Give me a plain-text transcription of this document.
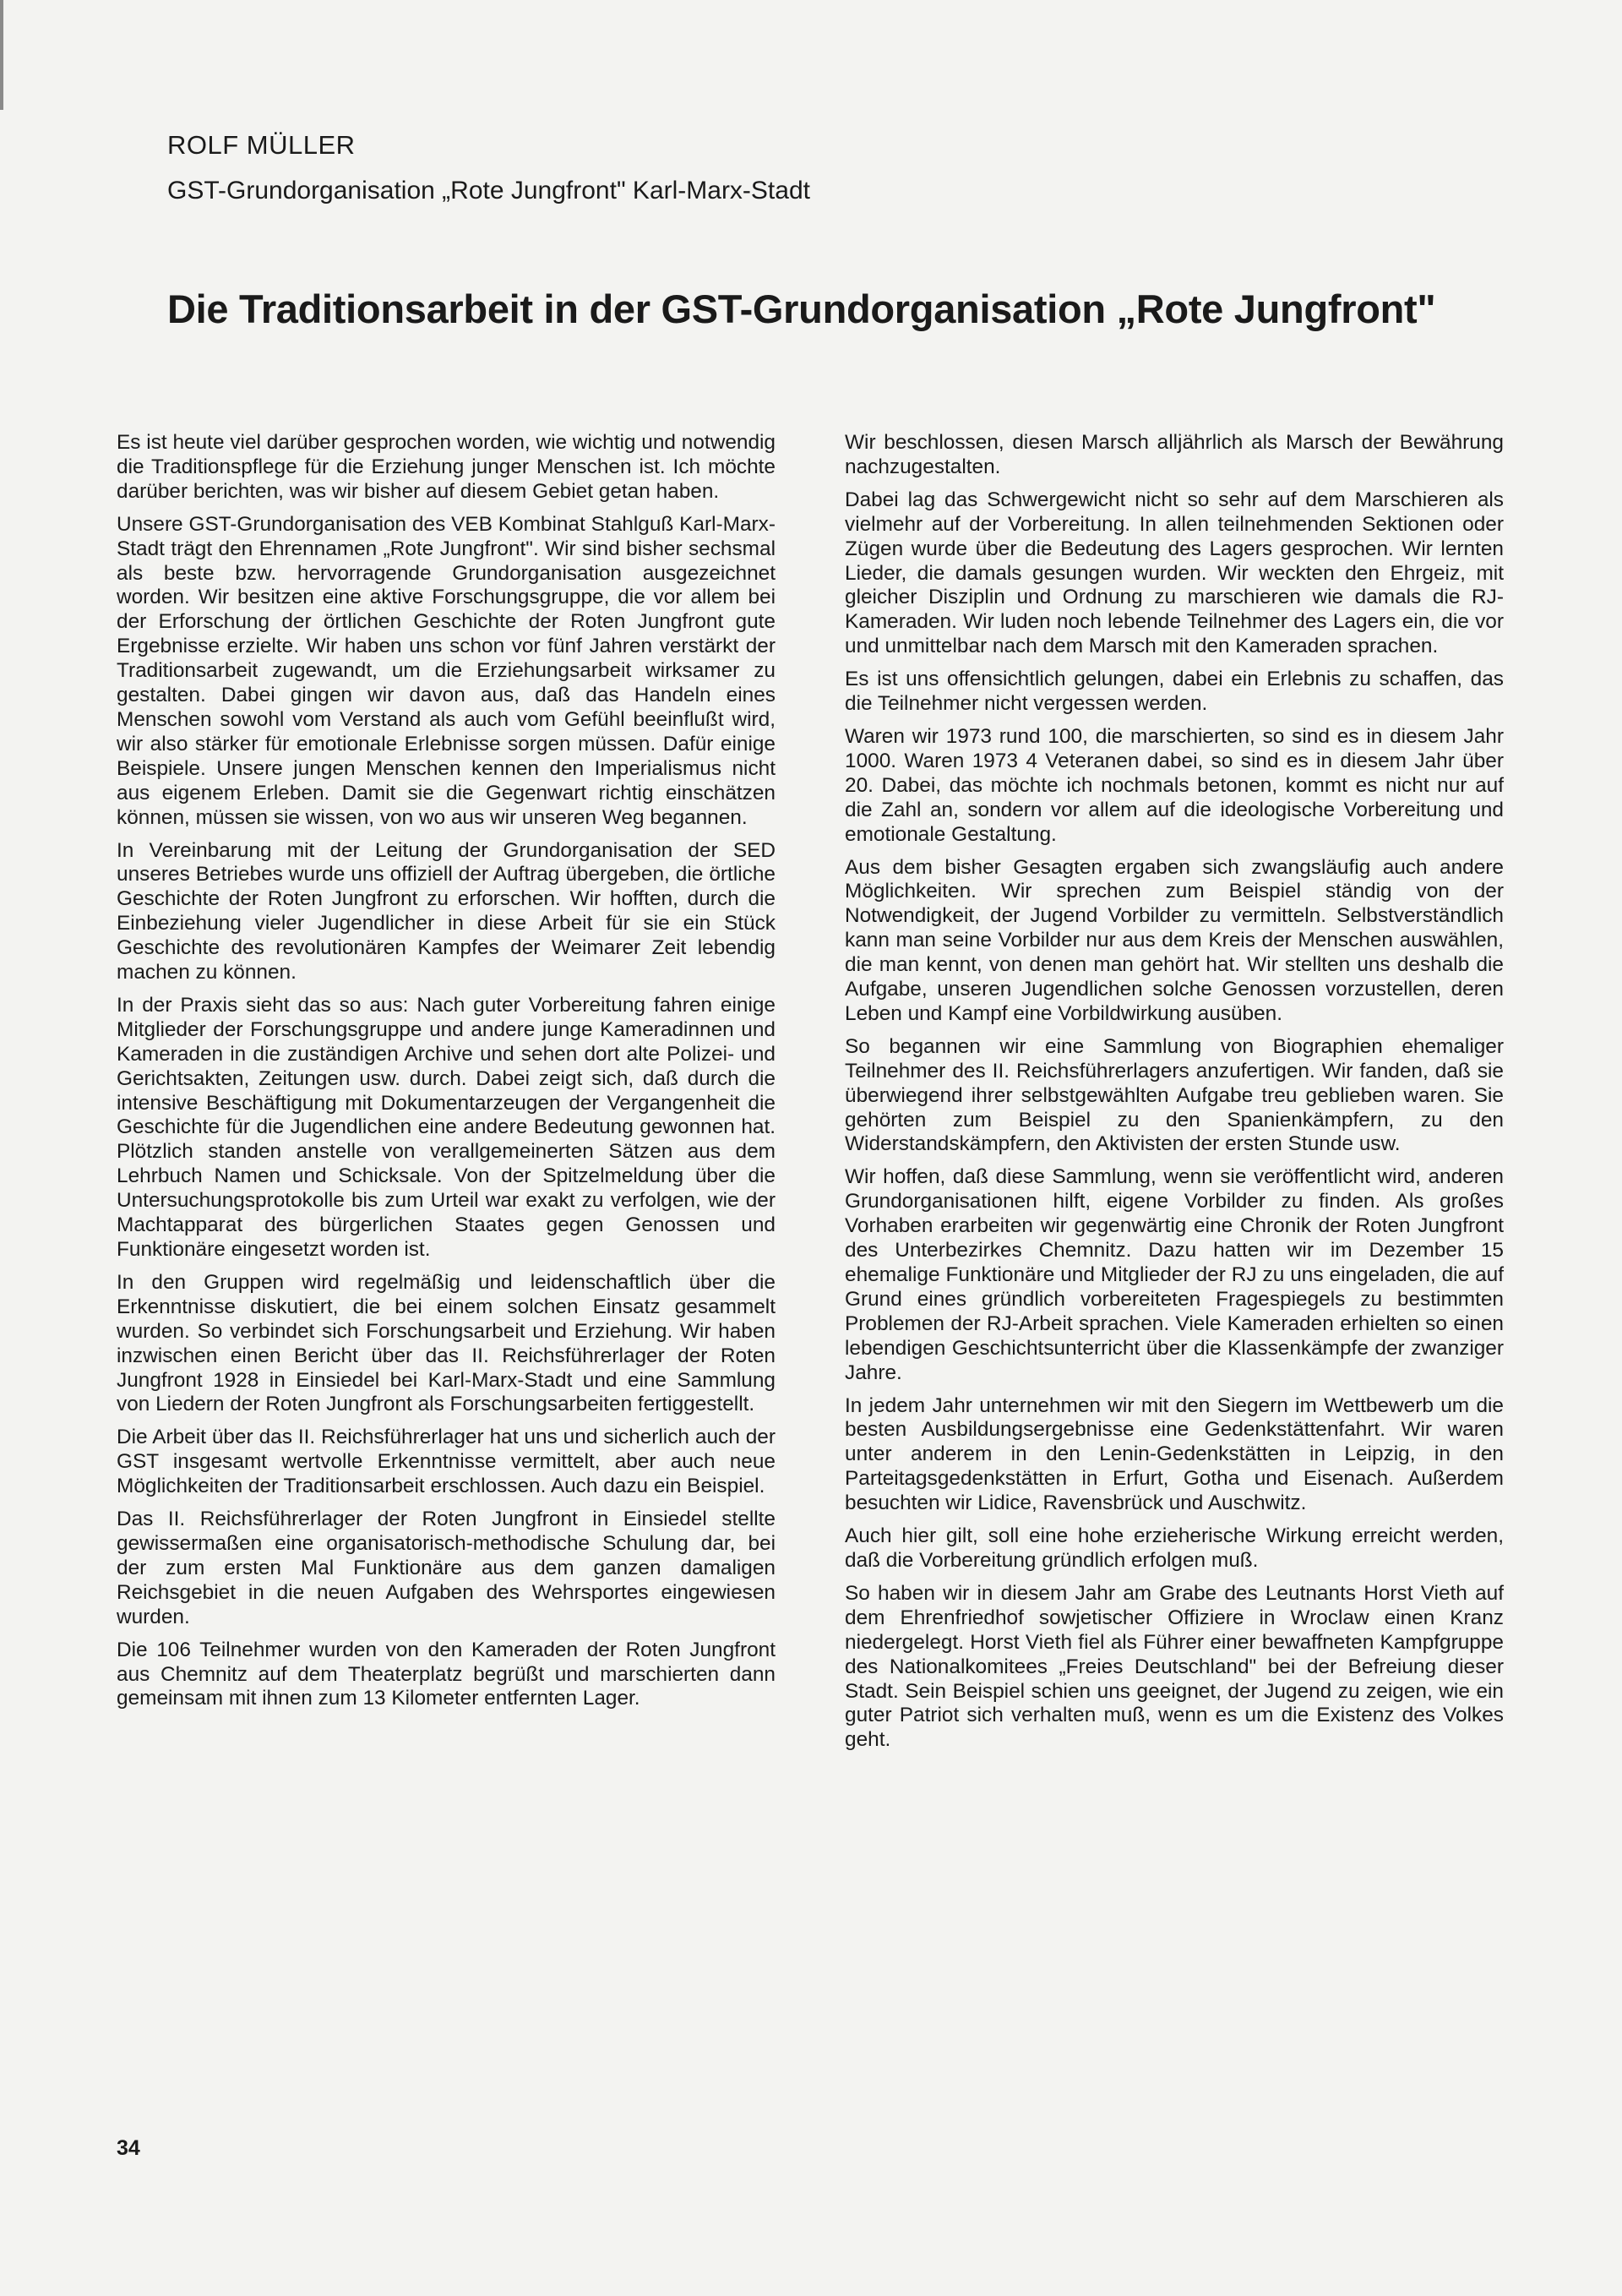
ROLF MÜLLER
GST-Grundorganisation „Rote Jungfront" Karl-Marx-Stadt
Die Traditionsarbeit in der GST-Grundorganisation „Rote Jungfront"

Es ist heute viel darüber gesprochen worden, wie wichtig und notwendig die Traditionspflege für die Erziehung junger Menschen ist. Ich möchte darüber berichten, was wir bisher auf diesem Gebiet getan haben.

Unsere GST-Grundorganisation des VEB Kombinat Stahlguß Karl-Marx-Stadt trägt den Ehrennamen „Rote Jungfront". Wir sind bisher sechsmal als beste bzw. hervorragende Grundorganisation ausgezeichnet worden. Wir besitzen eine aktive Forschungsgruppe, die vor allem bei der Erforschung der örtlichen Geschichte der Roten Jungfront gute Ergebnisse erzielte. Wir haben uns schon vor fünf Jahren verstärkt der Traditionsarbeit zugewandt, um die Erziehungsarbeit wirksamer zu gestalten. Dabei gingen wir davon aus, daß das Handeln eines Menschen sowohl vom Verstand als auch vom Gefühl beeinflußt wird, wir also stärker für emotionale Erlebnisse sorgen müssen. Dafür einige Beispiele. Unsere jungen Menschen kennen den Imperialismus nicht aus eigenem Erleben. Damit sie die Gegenwart richtig einschätzen können, müssen sie wissen, von wo aus wir unseren Weg begannen.

In Vereinbarung mit der Leitung der Grundorganisation der SED unseres Betriebes wurde uns offiziell der Auftrag übergeben, die örtliche Geschichte der Roten Jungfront zu erforschen. Wir hofften, durch die Einbeziehung vieler Jugendlicher in diese Arbeit für sie ein Stück Geschichte des revolutionären Kampfes der Weimarer Zeit lebendig machen zu können.

In der Praxis sieht das so aus: Nach guter Vorbereitung fahren einige Mitglieder der Forschungsgruppe und andere junge Kameradinnen und Kameraden in die zuständigen Archive und sehen dort alte Polizei- und Gerichtsakten, Zeitungen usw. durch. Dabei zeigt sich, daß durch die intensive Beschäftigung mit Dokumentarzeugen der Vergangenheit die Geschichte für die Jugendlichen eine andere Bedeutung gewonnen hat. Plötzlich standen anstelle von verallgemeinerten Sätzen aus dem Lehrbuch Namen und Schicksale. Von der Spitzelmeldung über die Untersuchungsprotokolle bis zum Urteil war exakt zu verfolgen, wie der Machtapparat des bürgerlichen Staates gegen Genossen und Funktionäre eingesetzt worden ist.

In den Gruppen wird regelmäßig und leidenschaftlich über die Erkenntnisse diskutiert, die bei einem solchen Einsatz gesammelt wurden. So verbindet sich Forschungsarbeit und Erziehung. Wir haben inzwischen einen Bericht über das II. Reichsführerlager der Roten Jungfront 1928 in Einsiedel bei Karl-Marx-Stadt und eine Sammlung von Liedern der Roten Jungfront als Forschungsarbeiten fertiggestellt.

Die Arbeit über das II. Reichsführerlager hat uns und sicherlich auch der GST insgesamt wertvolle Erkenntnisse vermittelt, aber auch neue Möglichkeiten der Traditionsarbeit erschlossen. Auch dazu ein Beispiel.

Das II. Reichsführerlager der Roten Jungfront in Einsiedel stellte gewissermaßen eine organisatorisch-methodische Schulung dar, bei der zum ersten Mal Funktionäre aus dem ganzen damaligen Reichsgebiet in die neuen Aufgaben des Wehrsportes eingewiesen wurden.

Die 106 Teilnehmer wurden von den Kameraden der Roten Jungfront aus Chemnitz auf dem Theaterplatz begrüßt und marschierten dann gemeinsam mit ihnen zum 13 Kilometer entfernten Lager.

Wir beschlossen, diesen Marsch alljährlich als Marsch der Bewährung nachzugestalten.

Dabei lag das Schwergewicht nicht so sehr auf dem Marschieren als vielmehr auf der Vorbereitung. In allen teilnehmenden Sektionen oder Zügen wurde über die Bedeutung des Lagers gesprochen. Wir lernten Lieder, die damals gesungen wurden. Wir weckten den Ehrgeiz, mit gleicher Disziplin und Ordnung zu marschieren wie damals die RJ-Kameraden. Wir luden noch lebende Teilnehmer des Lagers ein, die vor und unmittelbar nach dem Marsch mit den Kameraden sprachen.

Es ist uns offensichtlich gelungen, dabei ein Erlebnis zu schaffen, das die Teilnehmer nicht vergessen werden.

Waren wir 1973 rund 100, die marschierten, so sind es in diesem Jahr 1000. Waren 1973 4 Veteranen dabei, so sind es in diesem Jahr über 20. Dabei, das möchte ich nochmals betonen, kommt es nicht nur auf die Zahl an, sondern vor allem auf die ideologische Vorbereitung und emotionale Gestaltung.

Aus dem bisher Gesagten ergaben sich zwangsläufig auch andere Möglichkeiten. Wir sprechen zum Beispiel ständig von der Notwendigkeit, der Jugend Vorbilder zu vermitteln. Selbstverständlich kann man seine Vorbilder nur aus dem Kreis der Menschen auswählen, die man kennt, von denen man gehört hat. Wir stellten uns deshalb die Aufgabe, unseren Jugendlichen solche Genossen vorzustellen, deren Leben und Kampf eine Vorbildwirkung ausüben.

So begannen wir eine Sammlung von Biographien ehemaliger Teilnehmer des II. Reichsführerlagers anzufertigen. Wir fanden, daß sie überwiegend ihrer selbstgewählten Aufgabe treu geblieben waren. Sie gehörten zum Beispiel zu den Spanienkämpfern, zu den Widerstandskämpfern, den Aktivisten der ersten Stunde usw.

Wir hoffen, daß diese Sammlung, wenn sie veröffentlicht wird, anderen Grundorganisationen hilft, eigene Vorbilder zu finden. Als großes Vorhaben erarbeiten wir gegenwärtig eine Chronik der Roten Jungfront des Unterbezirkes Chemnitz. Dazu hatten wir im Dezember 15 ehemalige Funktionäre und Mitglieder der RJ zu uns eingeladen, die auf Grund eines gründlich vorbereiteten Fragespiegels zu bestimmten Problemen der RJ-Arbeit sprachen. Viele Kameraden erhielten so einen lebendigen Geschichtsunterricht über die Klassenkämpfe der zwanziger Jahre.

In jedem Jahr unternehmen wir mit den Siegern im Wettbewerb um die besten Ausbildungsergebnisse eine Gedenkstättenfahrt. Wir waren unter anderem in den Lenin-Gedenkstätten in Leipzig, in den Parteitagsgedenkstätten in Erfurt, Gotha und Eisenach. Außerdem besuchten wir Lidice, Ravensbrück und Auschwitz.

Auch hier gilt, soll eine hohe erzieherische Wirkung erreicht werden, daß die Vorbereitung gründlich erfolgen muß.

So haben wir in diesem Jahr am Grabe des Leutnants Horst Vieth auf dem Ehrenfriedhof sowjetischer Offiziere in Wroclaw einen Kranz niedergelegt. Horst Vieth fiel als Führer einer bewaffneten Kampfgruppe des Nationalkomitees „Freies Deutschland" bei der Befreiung dieser Stadt. Sein Beispiel schien uns geeignet, der Jugend zu zeigen, wie ein guter Patriot sich verhalten muß, wenn es um die Existenz des Volkes geht.

34
